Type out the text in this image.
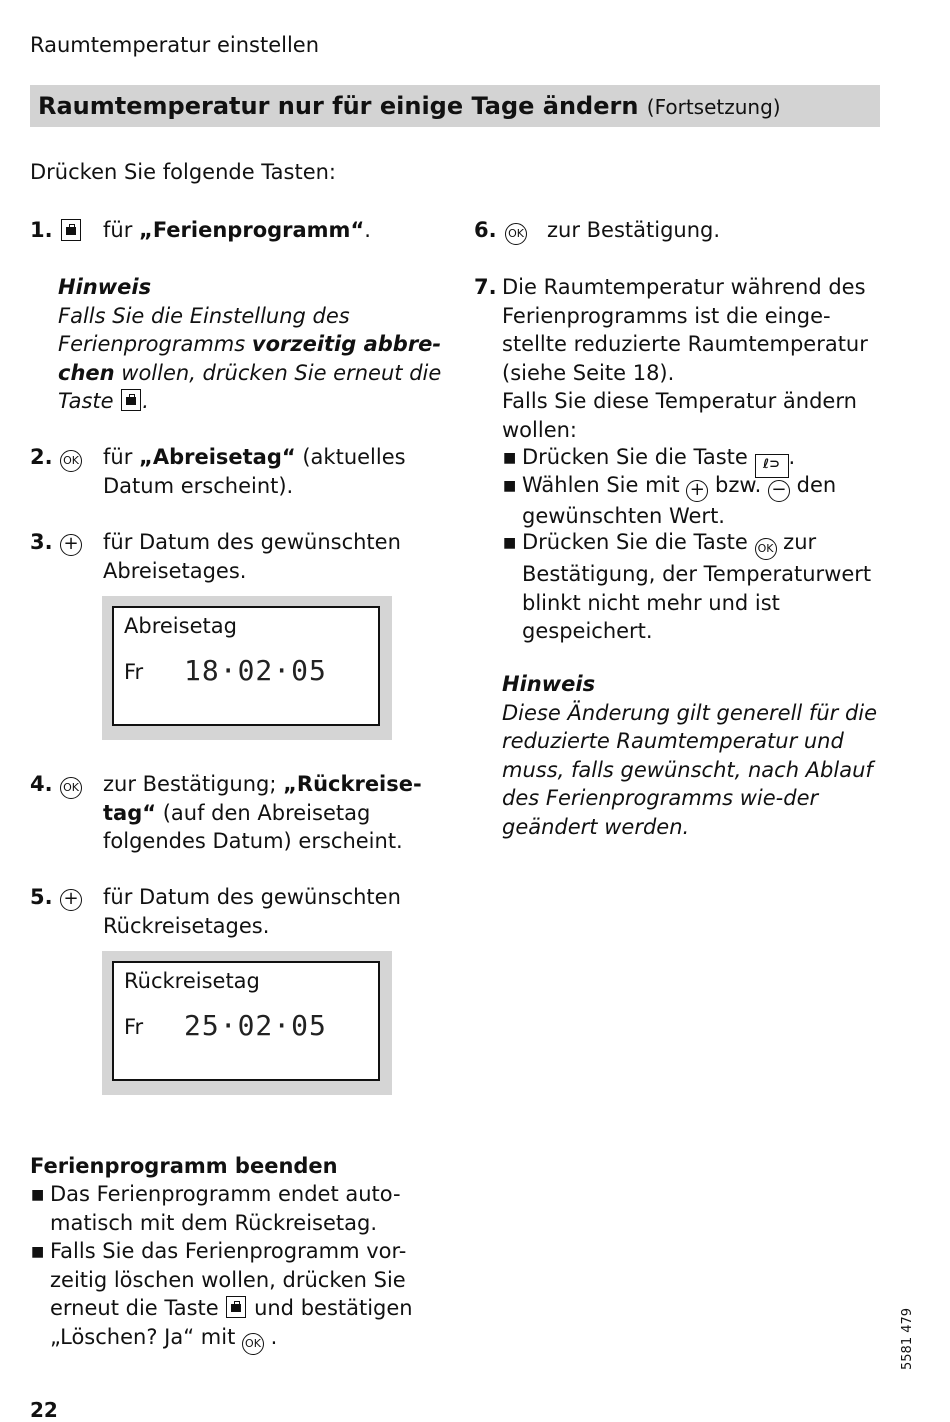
Raumtemperatur einstellen
Raumtemperatur nur für einige Tage ändern (Fortsetzung)
Drücken Sie folgende Tasten:
1. für „Ferienprogramm“.
Hinweis
Falls Sie die Einstellung des Ferienprogramms vorzeitig abbre-chen wollen, drücken Sie erneut die Taste .
2. OK für „Abreisetag“ (aktuelles Datum erscheint).
3. + für Datum des gewünschten Abreisetages.
Abreisetag
Fr 18·02·05
4. OK zur Bestätigung; „Rückreise-tag“ (auf den Abreisetag folgendes Datum) erscheint.
5. + für Datum des gewünschten Rückreisetages.
Rückreisetag
Fr 25·02·05
Ferienprogramm beenden
■ Das Ferienprogramm endet auto-matisch mit dem Rückreisetag.
■ Falls Sie das Ferienprogramm vor-zeitig löschen wollen, drücken Sie erneut die Taste  und bestätigen „Löschen? Ja“ mit OK .
6. OK zur Bestätigung.
7. Die Raumtemperatur während des Ferienprogramms ist die einge-stellte reduzierte Raumtemperatur (siehe Seite 18).
Falls Sie diese Temperatur ändern wollen:
■ Drücken Sie die Taste ℓ⊃ .
■ Wählen Sie mit + bzw. − den gewünschten Wert.
■ Drücken Sie die Taste OK zur Bestätigung, der Temperaturwert blinkt nicht mehr und ist gespeichert.
Hinweis
Diese Änderung gilt generell für die reduzierte Raumtemperatur und muss, falls gewünscht, nach Ablauf des Ferienprogramms wie-der geändert werden.
22
5581 479
